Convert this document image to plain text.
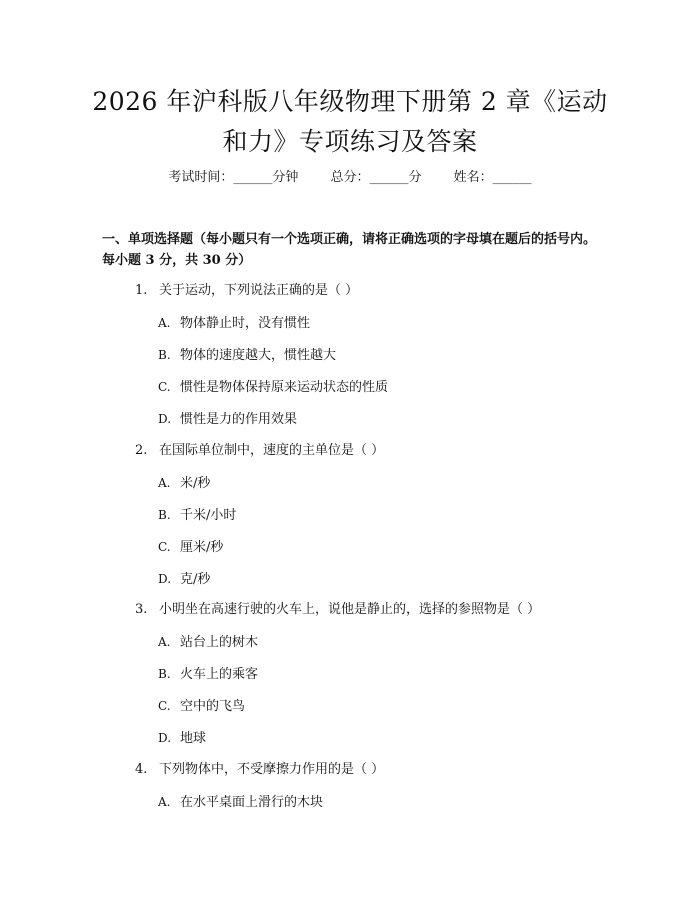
2026 年沪科版八年级物理下册第 2 章《运动
和力》专项练习及答案
考试时间：______分钟 总分：______分 姓名：______
一、单项选择题（每小题只有一个选项正确，请将正确选项的字母填在题后的括号内。每小题 3 分，共 30 分）
1. 关于运动，下列说法正确的是（ ）
A. 物体静止时，没有惯性
B. 物体的速度越大，惯性越大
C. 惯性是物体保持原来运动状态的性质
D. 惯性是力的作用效果
2. 在国际单位制中，速度的主单位是（ ）
A. 米/秒
B. 千米/小时
C. 厘米/秒
D. 克/秒
3. 小明坐在高速行驶的火车上，说他是静止的，选择的参照物是（ ）
A. 站台上的树木
B. 火车上的乘客
C. 空中的飞鸟
D. 地球
4. 下列物体中，不受摩擦力作用的是（ ）
A. 在水平桌面上滑行的木块
